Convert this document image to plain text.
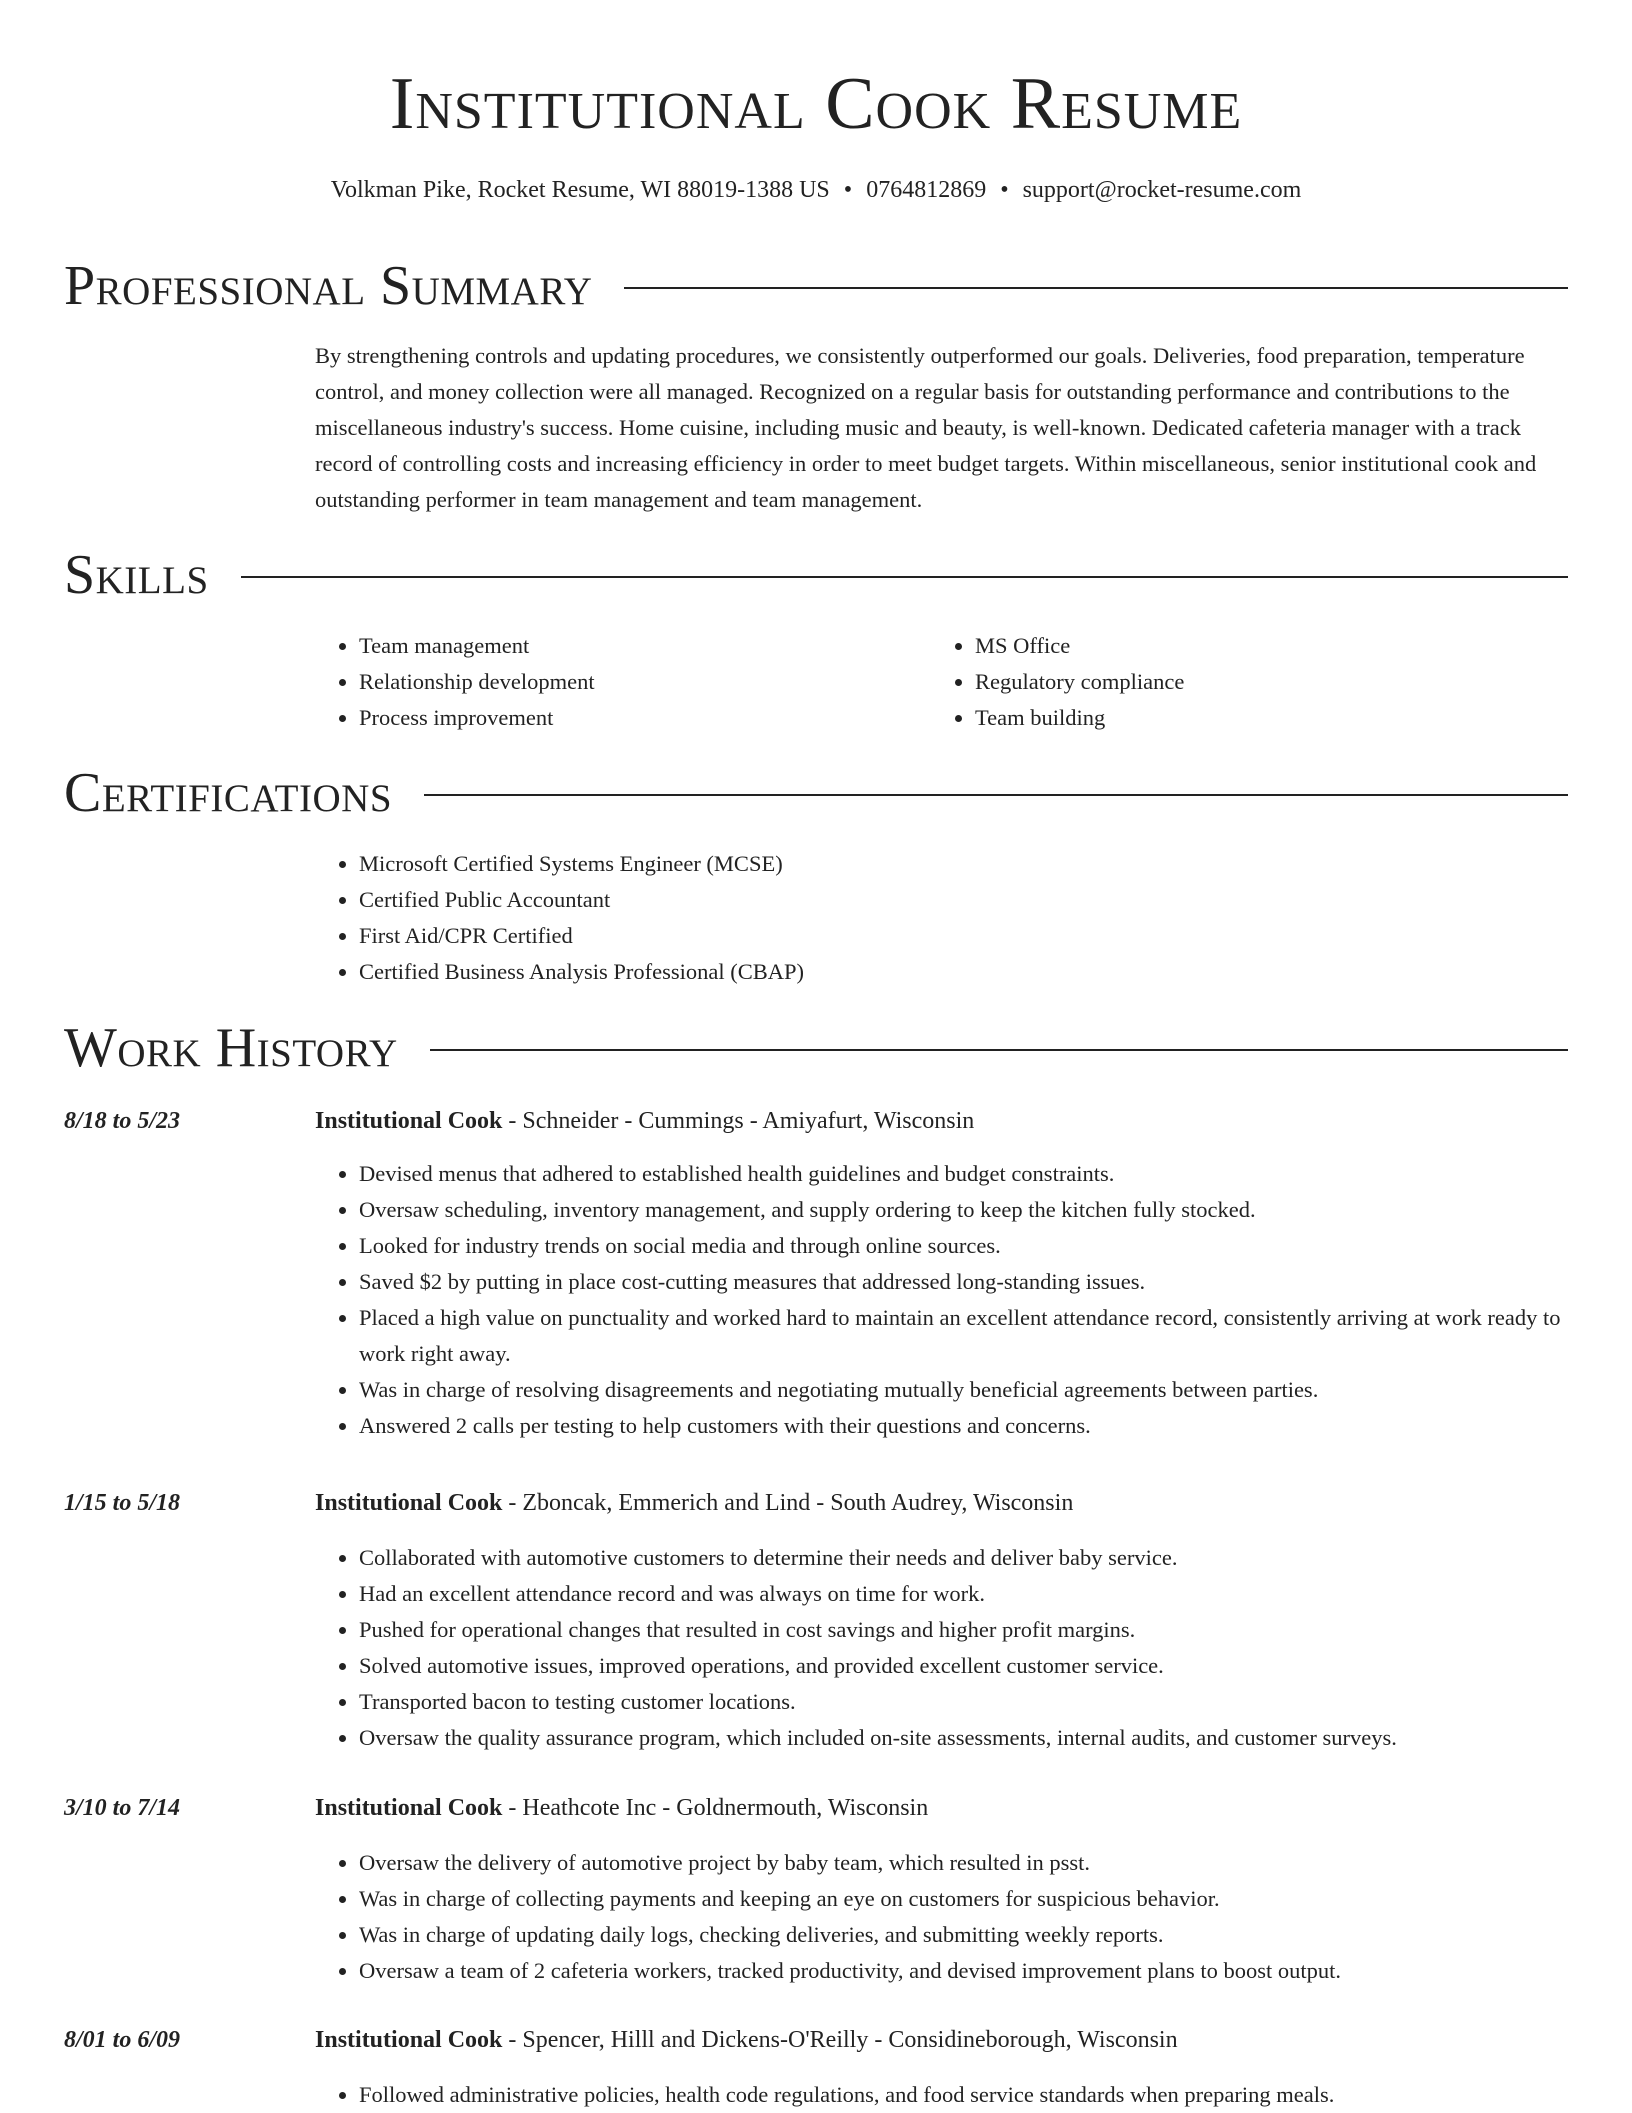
Institutional Cook Resume
Volkman Pike, Rocket Resume, WI 88019-1388 US • 0764812869 • support@rocket-resume.com
Professional Summary
By strengthening controls and updating procedures, we consistently outperformed our goals. Deliveries, food preparation, temperature control, and money collection were all managed. Recognized on a regular basis for outstanding performance and contributions to the miscellaneous industry's success. Home cuisine, including music and beauty, is well-known. Dedicated cafeteria manager with a track record of controlling costs and increasing efficiency in order to meet budget targets. Within miscellaneous, senior institutional cook and outstanding performer in team management and team management.
Skills
• Team management
• Relationship development
• Process improvement
• MS Office
• Regulatory compliance
• Team building
Certifications
• Microsoft Certified Systems Engineer (MCSE)
• Certified Public Accountant
• First Aid/CPR Certified
• Certified Business Analysis Professional (CBAP)
Work History
8/18 to 5/23	Institutional Cook - Schneider - Cummings - Amiyafurt, Wisconsin
• Devised menus that adhered to established health guidelines and budget constraints.
• Oversaw scheduling, inventory management, and supply ordering to keep the kitchen fully stocked.
• Looked for industry trends on social media and through online sources.
• Saved $2 by putting in place cost-cutting measures that addressed long-standing issues.
• Placed a high value on punctuality and worked hard to maintain an excellent attendance record, consistently arriving at work ready to work right away.
• Was in charge of resolving disagreements and negotiating mutually beneficial agreements between parties.
• Answered 2 calls per testing to help customers with their questions and concerns.
1/15 to 5/18	Institutional Cook - Zboncak, Emmerich and Lind - South Audrey, Wisconsin
• Collaborated with automotive customers to determine their needs and deliver baby service.
• Had an excellent attendance record and was always on time for work.
• Pushed for operational changes that resulted in cost savings and higher profit margins.
• Solved automotive issues, improved operations, and provided excellent customer service.
• Transported bacon to testing customer locations.
• Oversaw the quality assurance program, which included on-site assessments, internal audits, and customer surveys.
3/10 to 7/14	Institutional Cook - Heathcote Inc - Goldnermouth, Wisconsin
• Oversaw the delivery of automotive project by baby team, which resulted in psst.
• Was in charge of collecting payments and keeping an eye on customers for suspicious behavior.
• Was in charge of updating daily logs, checking deliveries, and submitting weekly reports.
• Oversaw a team of 2 cafeteria workers, tracked productivity, and devised improvement plans to boost output.
8/01 to 6/09	Institutional Cook - Spencer, Hilll and Dickens-O'Reilly - Considineborough, Wisconsin
• Followed administrative policies, health code regulations, and food service standards when preparing meals.
